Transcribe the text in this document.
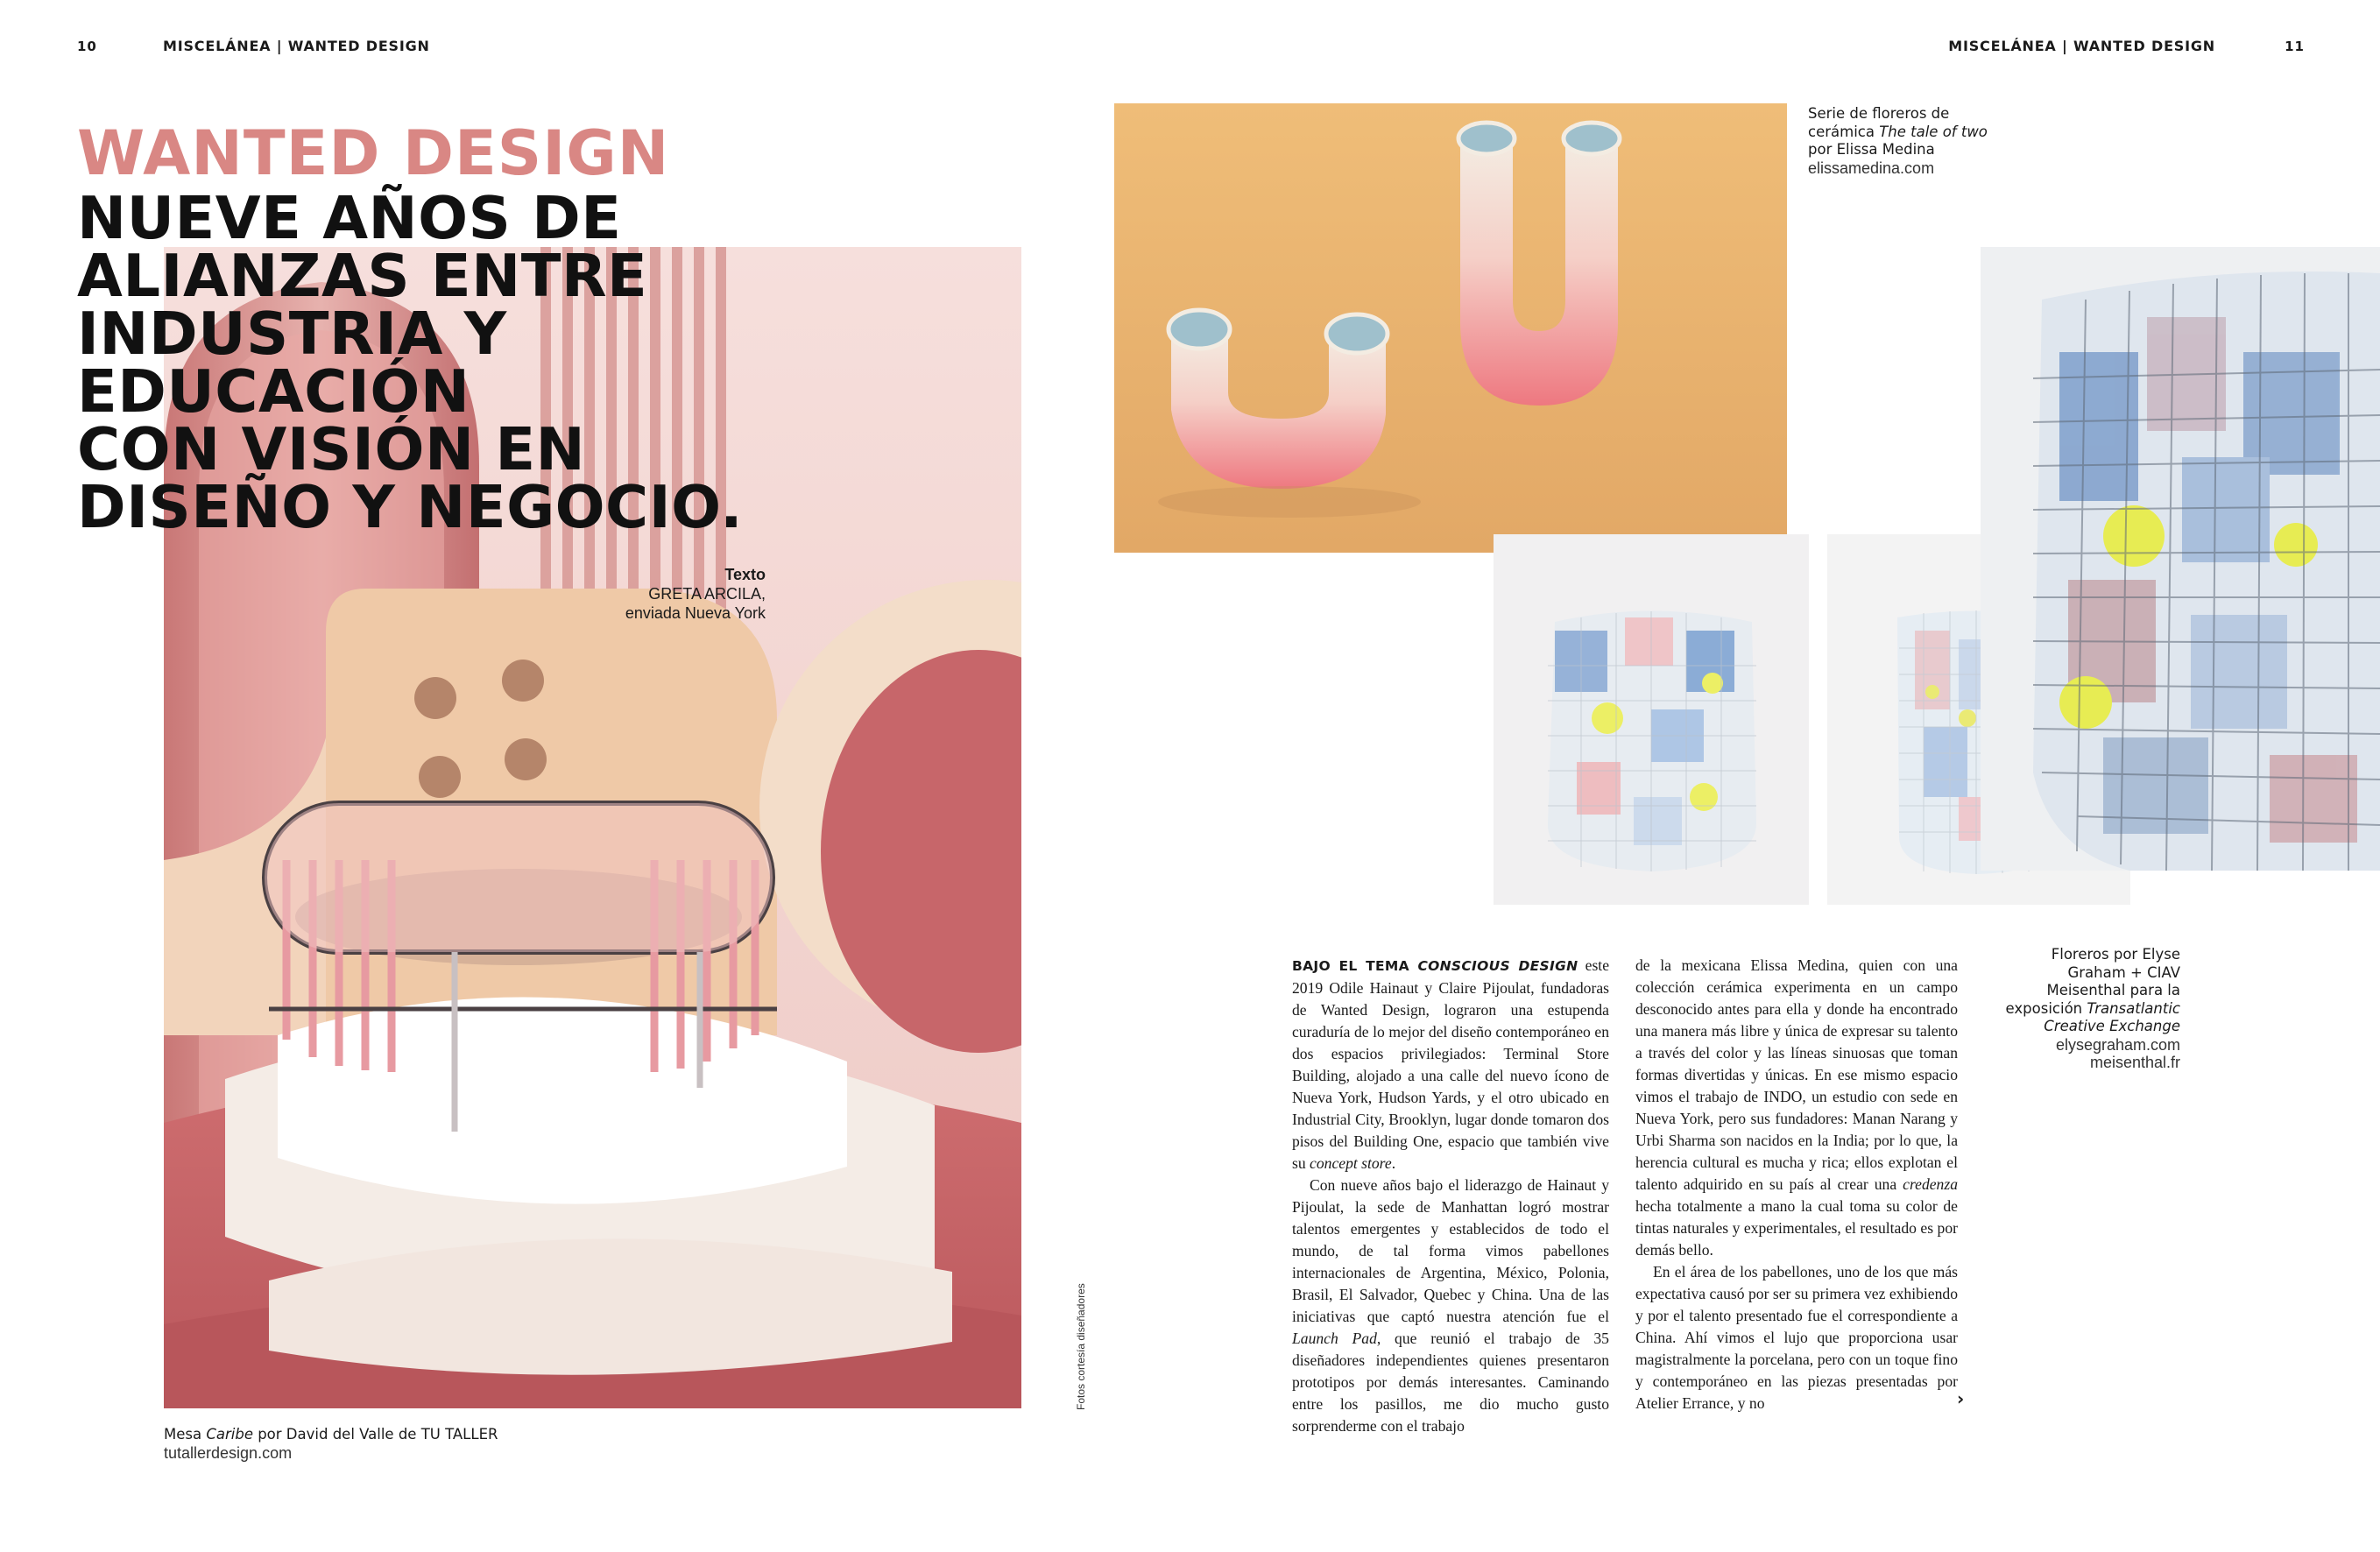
10	MISCELÁNEA | WANTED DESIGN
WANTED DESIGN
NUEVE AÑOS DE
ALIANZAS ENTRE
INDUSTRIA Y
EDUCACIÓN
CON VISIÓN EN
DISEÑO Y NEGOCIO.
Texto
GRETA ARCILA,
enviada Nueva York
Fotos cortesía diseñadores
Mesa Caribe por David del Valle de TU TALLER
tutallerdesign.com
MISCELÁNEA | WANTED DESIGN	11
Serie de floreros de
cerámica The tale of two
por Elissa Medina
elissamedina.com
Floreros por Elyse
Graham + CIAV
Meisenthal para la
exposición Transatlantic
Creative Exchange
elysegraham.com
meisenthal.fr

BAJO EL TEMA CONSCIOUS DESIGN este 2019 Odile Hainaut y Claire Pijoulat, fundadoras de Wanted Design, lograron una estupenda curaduría de lo mejor del diseño contemporáneo en dos espacios privilegiados: Terminal Store Building, alojado a una calle del nuevo ícono de Nueva York, Hudson Yards, y el otro ubicado en Industrial City, Brooklyn, lugar donde tomaron dos pisos del Building One, espacio que también vive su concept store.

Con nueve años bajo el liderazgo de Hainaut y Pijoulat, la sede de Manhattan logró mostrar talentos emergentes y establecidos de todo el mundo, de tal forma vimos pabellones internacionales de Argentina, México, Polonia, Brasil, El Salvador, Quebec y China. Una de las iniciativas que captó nuestra atención fue el Launch Pad, que reunió el trabajo de 35 diseñadores independientes quienes presentaron prototipos por demás interesantes. Caminando entre los pasillos, me dio mucho gusto sorprenderme con el trabajo

de la mexicana Elissa Medina, quien con una colección cerámica experimenta en un campo desconocido antes para ella y donde ha encontrado una manera más libre y única de expresar su talento a través del color y las líneas sinuosas que toman formas divertidas y únicas. En ese mismo espacio vimos el trabajo de INDO, un estudio con sede en Nueva York, pero sus fundadores: Manan Narang y Urbi Sharma son nacidos en la India; por lo que, la herencia cultural es mucha y rica; ellos explotan el talento adquirido en su país al crear una credenza hecha totalmente a mano la cual toma su color de tintas naturales y experimentales, el resultado es por demás bello.

En el área de los pabellones, uno de los que más expectativa causó por ser su primera vez exhibiendo y por el talento presentado fue el correspondiente a China. Ahí vimos el lujo que proporciona usar magistralmente la porcelana, pero con un toque fino y contemporáneo en las piezas presentadas por Atelier Errance, y no	›
